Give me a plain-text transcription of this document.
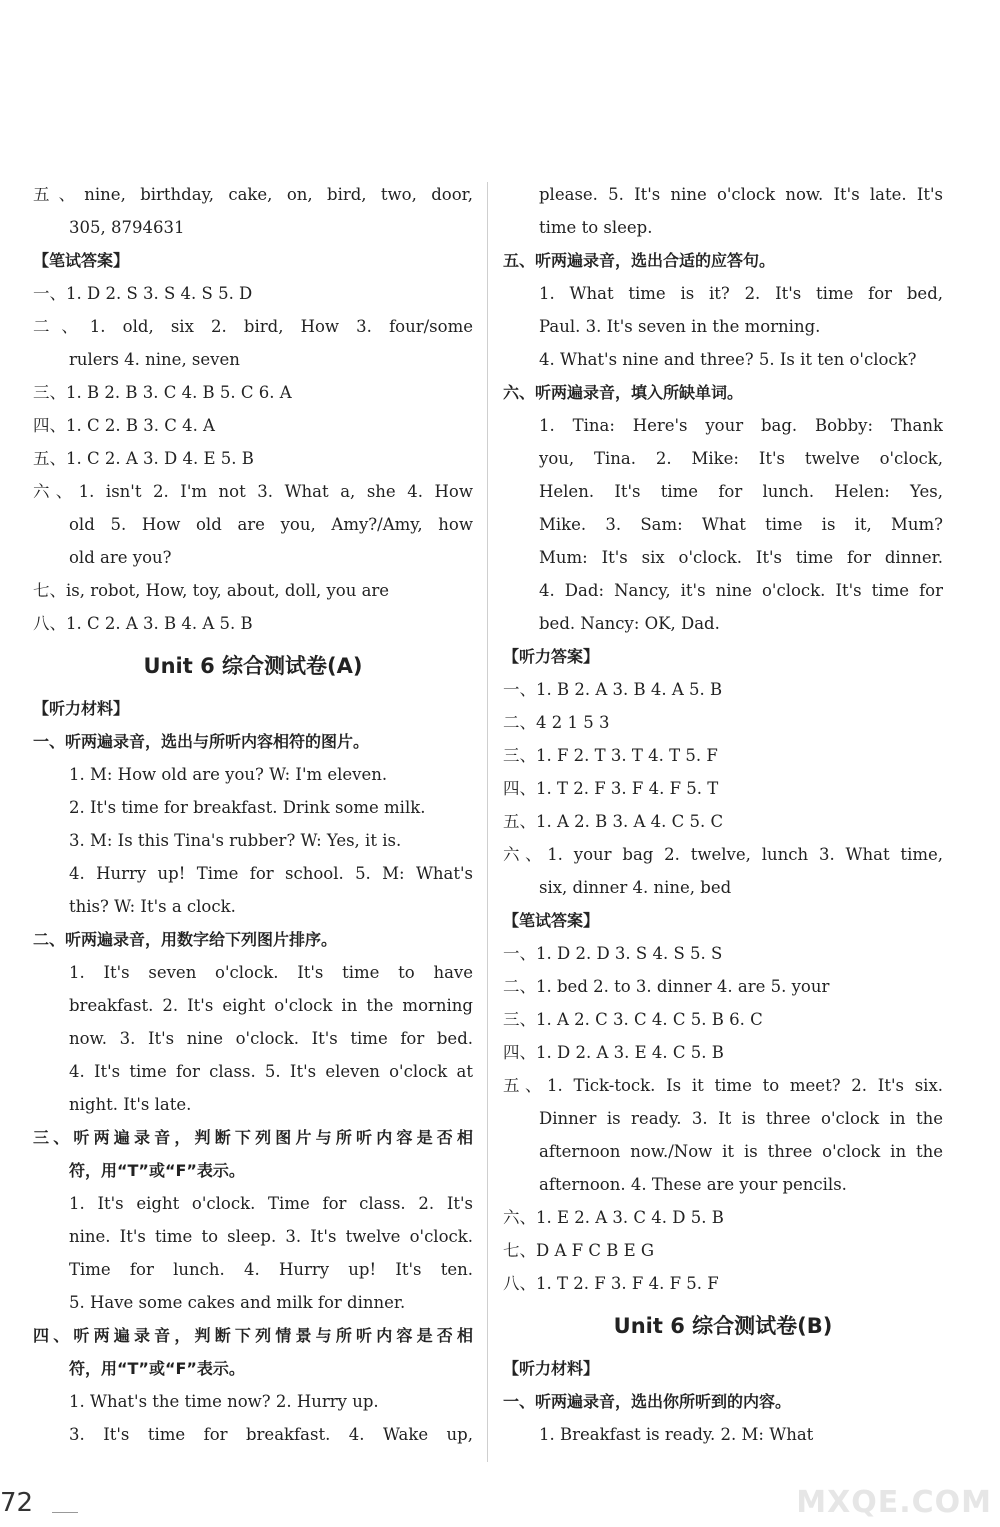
五、nine, birthday, cake, on, bird, two, door,
305, 8794631
【笔试答案】
一、1. D 2. S 3. S 4. S 5. D
二、1. old, six 2. bird, How 3. four/some
rulers 4. nine, seven
三、1. B 2. B 3. C 4. B 5. C 6. A
四、1. C 2. B 3. C 4. A
五、1. C 2. A 3. D 4. E 5. B
六、1. isn't 2. I'm not 3. What a, she 4. How
old 5. How old are you, Amy?/Amy, how
old are you?
七、is, robot, How, toy, about, doll, you are
八、1. C 2. A 3. B 4. A 5. B
Unit 6 综合测试卷(A)
【听力材料】
一、听两遍录音，选出与所听内容相符的图片。
1. M: How old are you? W: I'm eleven.
2. It's time for breakfast. Drink some milk.
3. M: Is this Tina's rubber? W: Yes, it is.
4. Hurry up! Time for school. 5. M: What's
this? W: It's a clock.
二、听两遍录音，用数字给下列图片排序。
1. It's seven o'clock. It's time to have
breakfast. 2. It's eight o'clock in the morning
now. 3. It's nine o'clock. It's time for bed.
4. It's time for class. 5. It's eleven o'clock at
night. It's late.
三、听两遍录音，判断下列图片与所听内容是否相
符，用“T”或“F”表示。
1. It's eight o'clock. Time for class. 2. It's
nine. It's time to sleep. 3. It's twelve o'clock.
Time for lunch. 4. Hurry up! It's ten.
5. Have some cakes and milk for dinner.
四、听两遍录音，判断下列情景与所听内容是否相
符，用“T”或“F”表示。
1. What's the time now? 2. Hurry up.
3. It's time for breakfast. 4. Wake up,
please. 5. It's nine o'clock now. It's late. It's
time to sleep.
五、听两遍录音，选出合适的应答句。
1. What time is it? 2. It's time for bed,
Paul. 3. It's seven in the morning.
4. What's nine and three? 5. Is it ten o'clock?
六、听两遍录音，填入所缺单词。
1. Tina: Here's your bag. Bobby: Thank
you, Tina. 2. Mike: It's twelve o'clock,
Helen. It's time for lunch. Helen: Yes,
Mike. 3. Sam: What time is it, Mum?
Mum: It's six o'clock. It's time for dinner.
4. Dad: Nancy, it's nine o'clock. It's time for
bed. Nancy: OK, Dad.
【听力答案】
一、1. B 2. A 3. B 4. A 5. B
二、4 2 1 5 3
三、1. F 2. T 3. T 4. T 5. F
四、1. T 2. F 3. F 4. F 5. T
五、1. A 2. B 3. A 4. C 5. C
六、1. your bag 2. twelve, lunch 3. What time,
six, dinner 4. nine, bed
【笔试答案】
一、1. D 2. D 3. S 4. S 5. S
二、1. bed 2. to 3. dinner 4. are 5. your
三、1. A 2. C 3. C 4. C 5. B 6. C
四、1. D 2. A 3. E 4. C 5. B
五、1. Tick-tock. Is it time to meet? 2. It's six.
Dinner is ready. 3. It is three o'clock in the
afternoon now./Now it is three o'clock in the
afternoon. 4. These are your pencils.
六、1. E 2. A 3. C 4. D 5. B
七、D A F C B E G
八、1. T 2. F 3. F 4. F 5. F
Unit 6 综合测试卷(B)
【听力材料】
一、听两遍录音，选出你所听到的内容。
1. Breakfast is ready. 2. M: What
72	MXQE.COM
